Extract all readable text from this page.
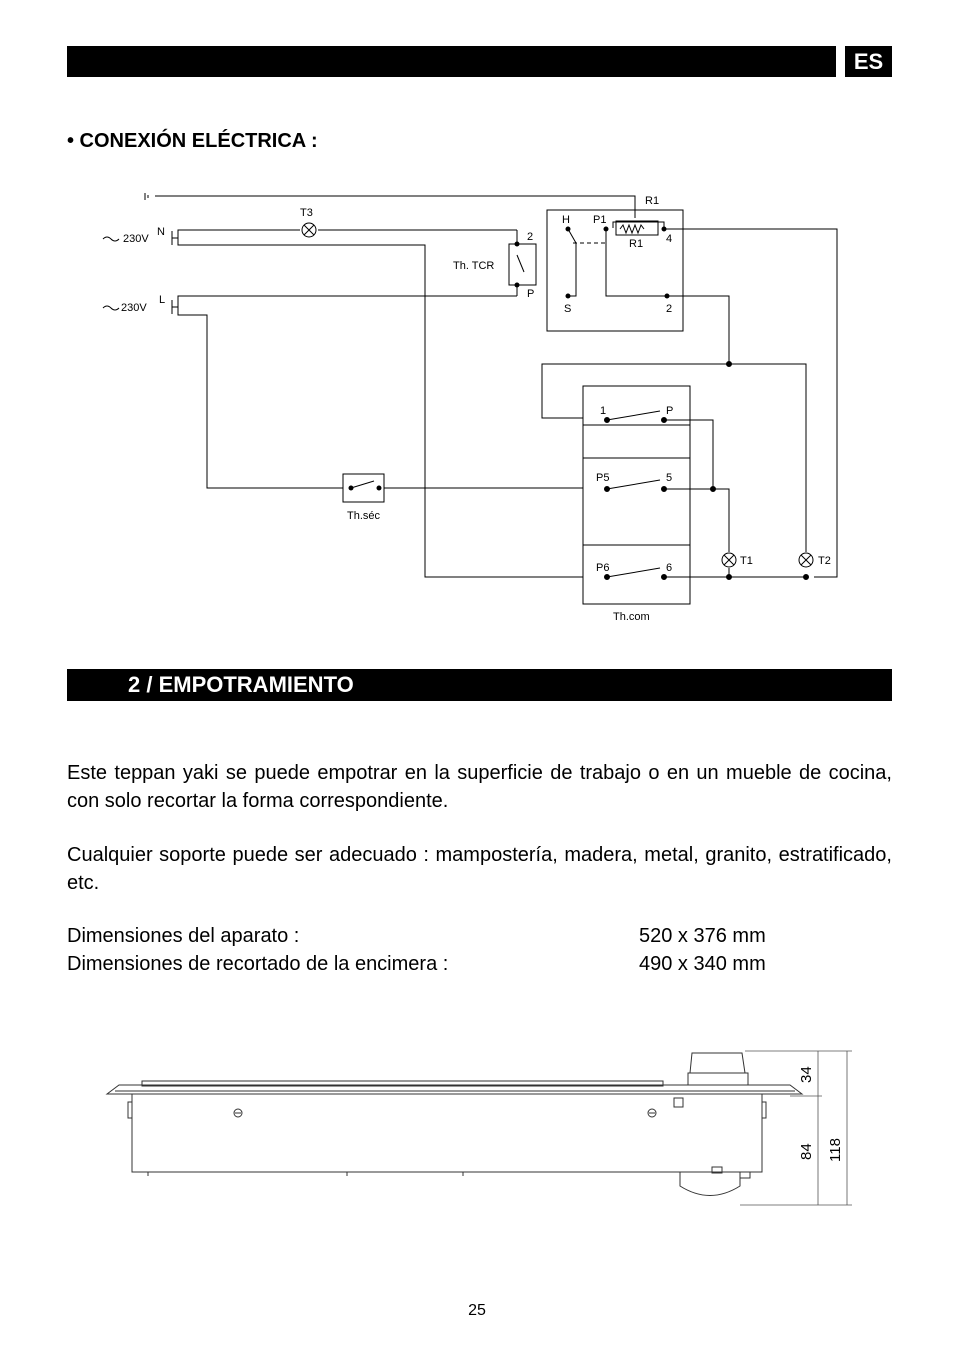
ES
• CONEXIÓN ELÉCTRICA :
230V
230V
N
L
T3
Th. TCR
2
P
R1
R1
H P1
S
4
2
1	P
P5	5
P6	6
T1	T2
Th.séc
Th.com
34
84 118
2 / EMPOTRAMIENTO

Este teppan yaki se puede empotrar en la superficie de trabajo o en un mueble de cocina, con solo recortar la forma correspondiente.

Cualquier soporte puede ser adecuado : mampostería, madera, metal, granito, estratificado, etc.

Dimensiones del aparato :	520 x 376 mm
Dimensiones de recortado de la encimera :	490 x 340 mm
25
